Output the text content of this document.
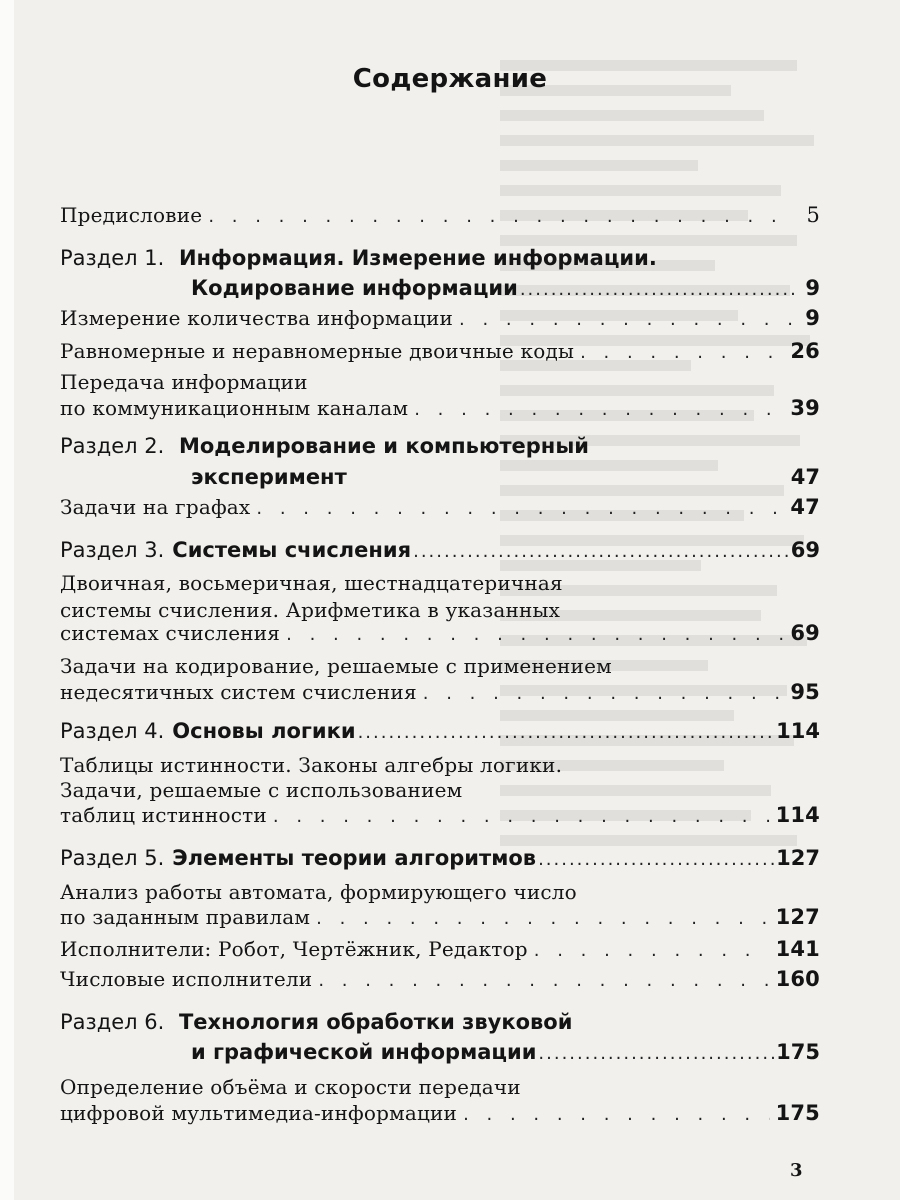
Содержание
Предисловие . . .	5
Раздел 1. Информация. Измерение информации.
Кодирование информации .....	9
Измерение количества информации . . .	9
Равномерные и неравномерные двоичные коды . . .	26
Передача информации
по коммуникационным каналам . . .	39
Раздел 2. Моделирование и компьютерный
эксперимент	47
Задачи на графах . . .	47
Раздел 3. Системы счисления .....	69
Двоичная, восьмеричная, шестнадцатеричная
системы счисления. Арифметика в указанных
системах счисления . . .	69
Задачи на кодирование, решаемые с применением
недесятичных систем счисления . . .	95
Раздел 4. Основы логики .....	114
Таблицы истинности. Законы алгебры логики.
Задачи, решаемые с использованием
таблиц истинности . . .	114
Раздел 5. Элементы теории алгоритмов .....	127
Анализ работы автомата, формирующего число
по заданным правилам . . .	127
Исполнители: Робот, Чертёжник, Редактор . . .	141
Числовые исполнители . . .	160
Раздел 6. Технология обработки звуковой
и графической информации .....	175
Определение объёма и скорости передачи
цифровой мультимедиа-информации . . .	175
3
